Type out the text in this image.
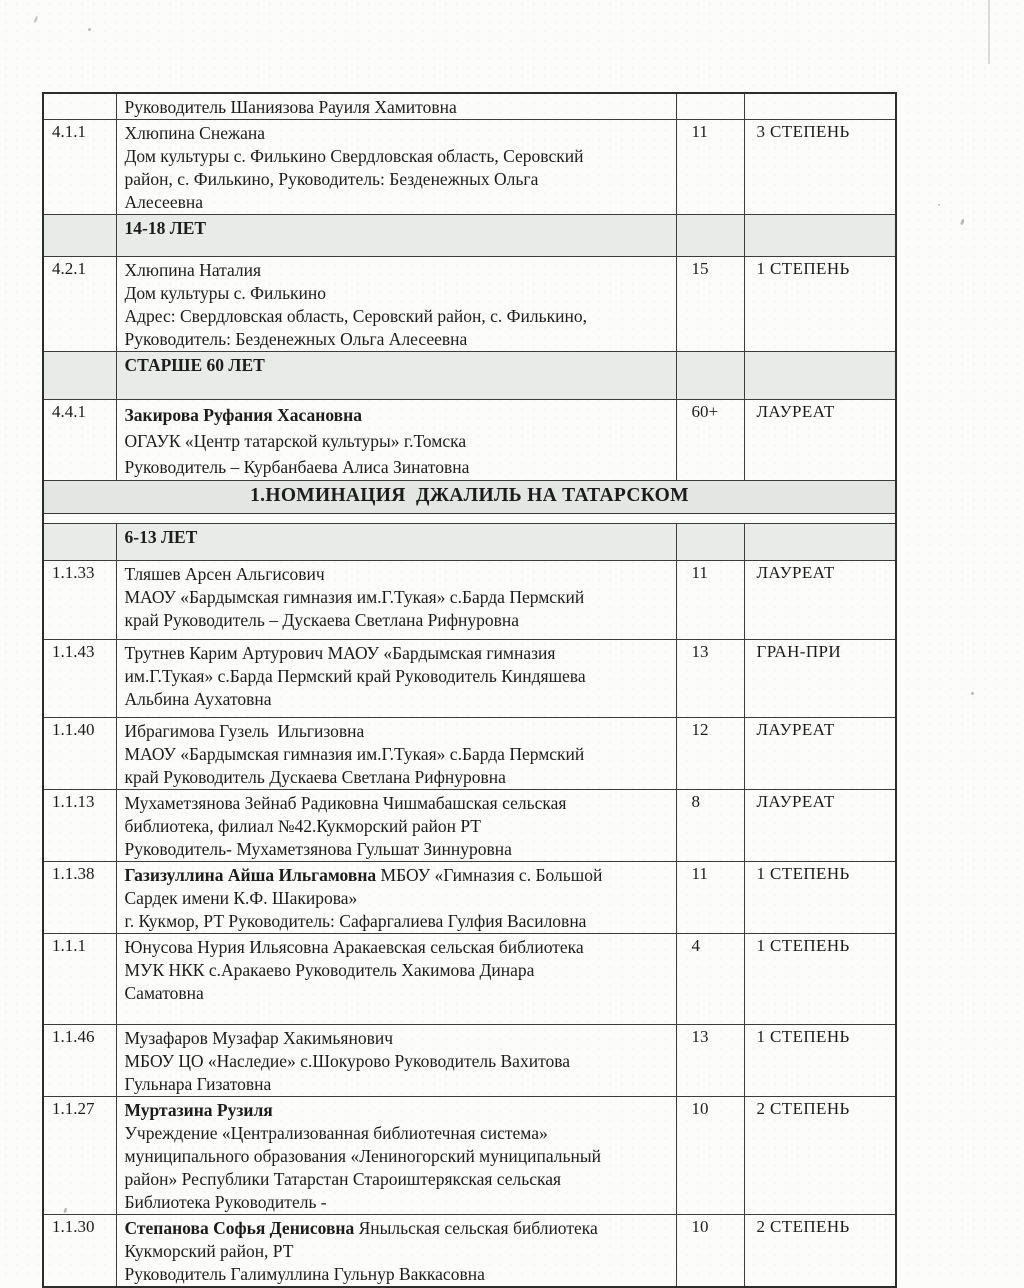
	Руководитель Шаниязова Рауиля Хамитовна		

4.1.1	Хлюпина Снежана
Дом культуры с. Филькино Свердловская область, Серовский
район, с. Филькино, Руководитель: Безденежных Ольга
Алесеевна	11	3 СТЕПЕНЬ
	14-18 ЛЕТ		
4.2.1	Хлюпина Наталия
Дом культуры с. Филькино
Адрес: Свердловская область, Серовский район, с. Филькино,
Руководитель: Безденежных Ольга Алесеевна	15	1 СТЕПЕНЬ
	СТАРШЕ 60 ЛЕТ		
4.4.1	Закирова Руфания Хасановна
ОГАУК «Центр татарской культуры» г.Томска
Руководитель – Курбанбаева Алиса Зинатовна	60+	ЛАУРЕАТ
1.НОМИНАЦИЯ  ДЖАЛИЛЬ НА ТАТАРСКОМ			

	6-13 ЛЕТ		
1.1.33	Тляшев Арсен Альгисович
МАОУ «Бардымская гимназия им.Г.Тукая» с.Барда Пермский
край Руководитель – Дускаева Светлана Рифнуровна	11	ЛАУРЕАТ
1.1.43	Трутнев Карим Артурович МАОУ «Бардымская гимназия
им.Г.Тукая» с.Барда Пермский край Руководитель Киндяшева
Альбина Аухатовна	13	ГРАН-ПРИ
1.1.40	Ибрагимова Гузель  Ильгизовна
МАОУ «Бардымская гимназия им.Г.Тукая» с.Барда Пермский
край Руководитель Дускаева Светлана Рифнуровна	12	ЛАУРЕАТ
1.1.13	Мухаметзянова Зейнаб Радиковна Чишмабашская сельская
библиотека, филиал №42.Кукморский район РТ
Руководитель- Мухаметзянова Гульшат Зиннуровна	8	ЛАУРЕАТ
1.1.38	Газизуллина Айша Ильгамовна МБОУ «Гимназия с. Большой
Сардек имени К.Ф. Шакирова»
г. Кукмор, РТ Руководитель: Сафаргалиева Гулфия Василовна	11	1 СТЕПЕНЬ
1.1.1	Юнусова Нурия Ильясовна Аракаевская сельская библиотека
МУК НКК с.Аракаево Руководитель Хакимова Динара
Саматовна	4	1 СТЕПЕНЬ
1.1.46	Музафаров Музафар Хакимьянович
МБОУ ЦО «Наследие» с.Шокурово Руководитель Вахитова
Гульнара Гизатовна	13	1 СТЕПЕНЬ
1.1.27	Муртазина Рузиля
Учреждение «Централизованная библиотечная система»
муниципального образования «Лениногорский муниципальный
район» Республики Татарстан Староиштерякская сельская
Библиотека Руководитель -	10	2 СТЕПЕНЬ
1.1.30	Степанова Софья Денисовна Яныльская сельская библиотека
Кукморский район, РТ
Руководитель Галимуллина Гульнур Ваккасовна	10	2 СТЕПЕНЬ
